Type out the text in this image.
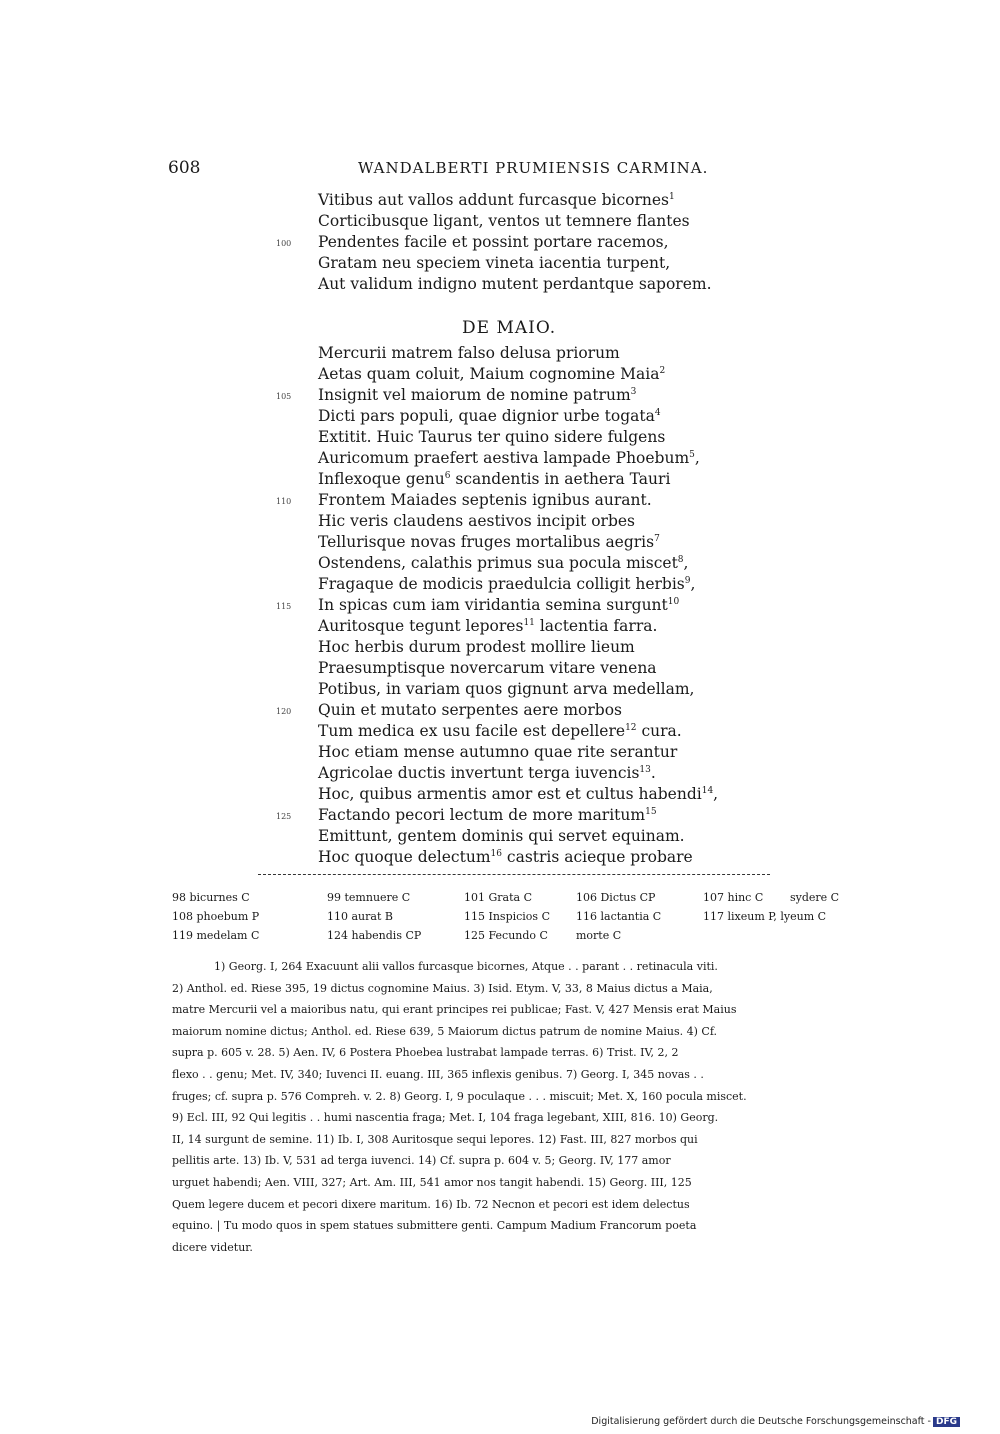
608	WANDALBERTI PRUMIENSIS CARMINA.
Vitibus aut vallos addunt furcasque bicornes$^1$
Corticibusque ligant, ventos ut temnere flantes
100	Pendentes facile et possint portare racemos,
Gratam neu speciem vineta iacentia turpent,
Aut validum indigno mutent perdantque saporem.
DE MAIO.
Mercurii matrem falso delusa priorum
Aetas quam coluit, Maium cognomine Maia$^2$
105	Insignit vel maiorum de nomine patrum$^3$
Dicti pars populi, quae dignior urbe togata$^4$
Extitit. Huic Taurus ter quino sidere fulgens
Auricomum praefert aestiva lampade Phoebum$^5$,
Inflexoque genu$^6$ scandentis in aethera Tauri
110	Frontem Maiades septenis ignibus aurant.
Hic veris claudens aestivos incipit orbes
Tellurisque novas fruges mortalibus aegris$^7$
Ostendens, calathis primus sua pocula miscet$^8$,
Fragaque de modicis praedulcia colligit herbis$^9$,
115	In spicas cum iam viridantia semina surgunt$^{10}$
Auritosque tegunt lepores$^{11}$ lactentia farra.
Hoc herbis durum prodest mollire lieum
Praesumptisque novercarum vitare venena
Potibus, in variam quos gignunt arva medellam,
120	Quin et mutato serpentes aere morbos
Tum medica ex usu facile est depellere$^{12}$ cura.
Hoc etiam mense autumno quae rite serantur
Agricolae ductis invertunt terga iuvencis$^{13}$.
Hoc, quibus armentis amor est et cultus habendi$^{14}$,
125	Factando pecori lectum de more maritum$^{15}$
Emittunt, gentem dominis qui servet equinam.
Hoc quoque delectum$^{16}$ castris acieque probare
98 bicurnes C	99 temnuere C	101 Grata C	106 Dictus CP	107 hinc C sydere C
108 phoebum P	110 aurat B	115 Inspicios C 116 lactantia C	117 lixeum P, lyeum C
119 medelam C	124 habendis CP	125 Fecundo C	morte C
1) Georg. I, 264 Exacuunt alii vallos furcasque bicornes, Atque . . parant . . retinacula viti.
2) Anthol. ed. Riese 395, 19 dictus cognomine Maius. 3) Isid. Etym. V, 33, 8 Maius dictus a Maia,
matre Mercurii vel a maioribus natu, qui erant principes rei publicae; Fast. V, 427 Mensis erat Maius
maiorum nomine dictus; Anthol. ed. Riese 639, 5 Maiorum dictus patrum de nomine Maius. 4) Cf.
supra p. 605 v. 28. 5) Aen. IV, 6 Postera Phoebea lustrabat lampade terras. 6) Trist. IV, 2, 2
flexo . . genu; Met. IV, 340; Iuvenci II. euang. III, 365 inflexis genibus. 7) Georg. I, 345 novas . .
fruges; cf. supra p. 576 Compreh. v. 2. 8) Georg. I, 9 poculaque . . . miscuit; Met. X, 160 pocula miscet.
9) Ecl. III, 92 Qui legitis . . humi nascentia fraga; Met. I, 104 fraga legebant, XIII, 816. 10) Georg.
II, 14 surgunt de semine. 11) Ib. I, 308 Auritosque sequi lepores. 12) Fast. III, 827 morbos qui
pellitis arte. 13) Ib. V, 531 ad terga iuvenci. 14) Cf. supra p. 604 v. 5; Georg. IV, 177 amor
urguet habendi; Aen. VIII, 327; Art. Am. III, 541 amor nos tangit habendi. 15) Georg. III, 125
Quem legere ducem et pecori dixere maritum. 16) Ib. 72 Necnon et pecori est idem delectus
equino. | Tu modo quos in spem statues submittere genti. Campum Madium Francorum poeta
dicere videtur.
Digitalisierung gefördert durch die Deutsche Forschungsgemeinschaft - DFG
